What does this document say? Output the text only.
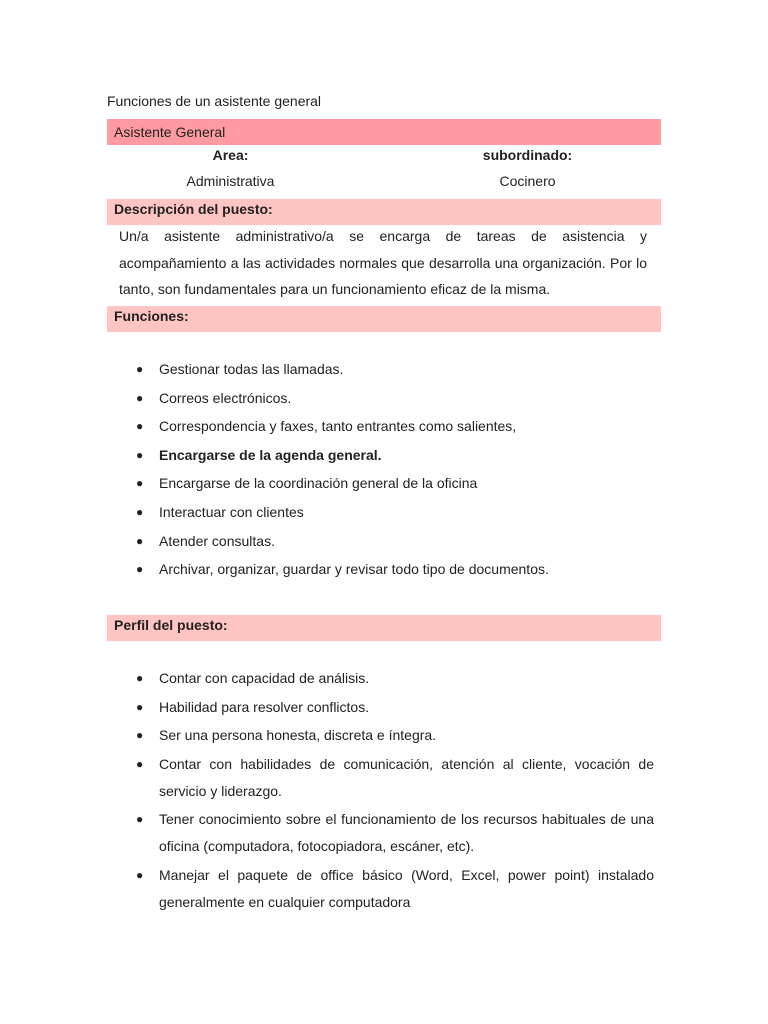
Funciones de un asistente general
Asistente General
Area:	subordinado:
Administrativa	Cocinero
Descripción del puesto:
Un/a asistente administrativo/a se encarga de tareas de asistencia y acompañamiento a las actividades normales que desarrolla una organización. Por lo tanto, son fundamentales para un funcionamiento eficaz de la misma.
Funciones:
● Gestionar todas las llamadas.
● Correos electrónicos.
● Correspondencia y faxes, tanto entrantes como salientes,
● Encargarse de la agenda general.
● Encargarse de la coordinación general de la oficina
● Interactuar con clientes
● Atender consultas.
● Archivar, organizar, guardar y revisar todo tipo de documentos.
Perfil del puesto:
● Contar con capacidad de análisis.
● Habilidad para resolver conflictos.
● Ser una persona honesta, discreta e íntegra.
● Contar con habilidades de comunicación, atención al cliente, vocación de servicio y liderazgo.
● Tener conocimiento sobre el funcionamiento de los recursos habituales de una oficina (computadora, fotocopiadora, escáner, etc).
● Manejar el paquete de office básico (Word, Excel, power point) instalado generalmente en cualquier computadora
